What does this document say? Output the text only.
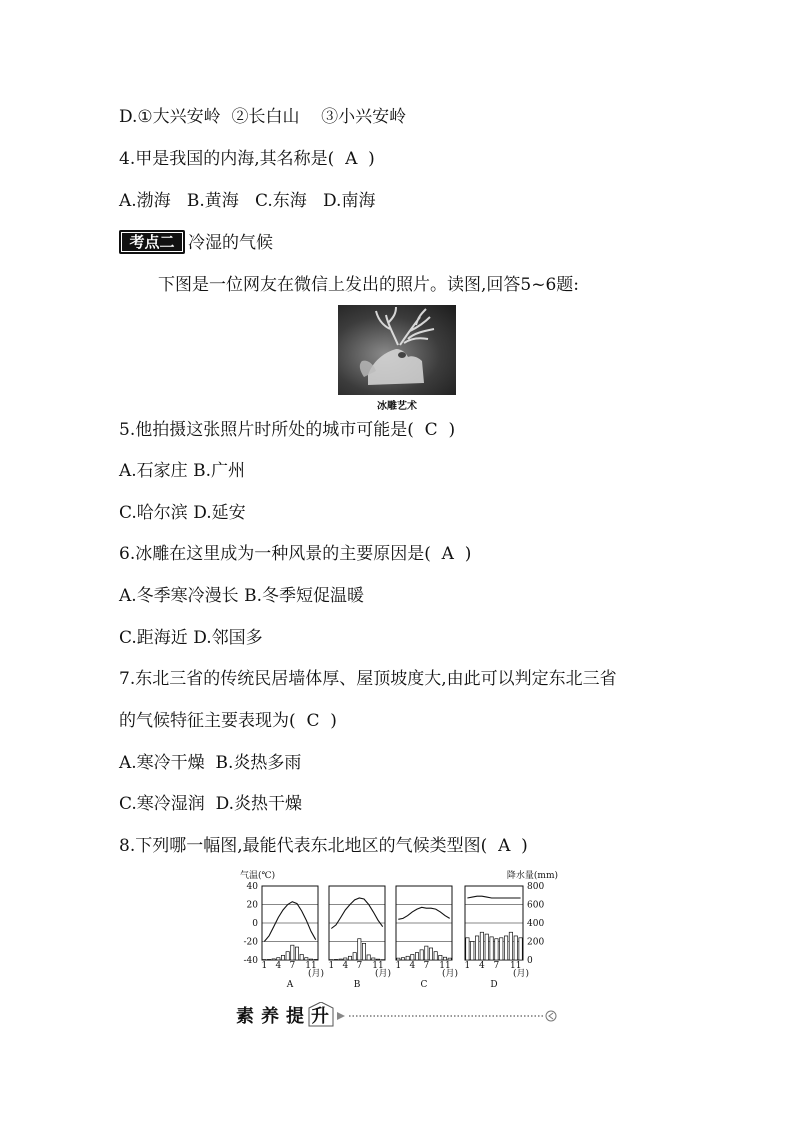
D.①大兴安岭  ②长白山    ③小兴安岭
4.甲是我国的内海,其名称是(  A  )
A.渤海   B.黄海   C.东海   D.南海
考点二 冷湿的气候
下图是一位网友在微信上发出的照片。读图,回答5~6题:
冰雕艺术
5.他拍摄这张照片时所处的城市可能是(  C  )
A.石家庄 B.广州
C.哈尔滨 D.延安
6.冰雕在这里成为一种风景的主要原因是(  A  )
A.冬季寒冷漫长 B.冬季短促温暖
C.距海近 D.邻国多
7.东北三省的传统民居墙体厚、屋顶坡度大,由此可以判定东北三省
的气候特征主要表现为(  C  )
A.寒冷干燥  B.炎热多雨
C.寒冷湿润  D.炎热干燥
8.下列哪一幅图,最能代表东北地区的气候类型图(  A  )
气温(℃)	降水量(mm)
40
20
0
-20
-40
800
600
400
200
0
1 4 7 11
(月)
A
1 4 7 11
(月)
B
1 4 7 11
(月)
C
1 4 7 11
(月)
D
素 养 提 升
